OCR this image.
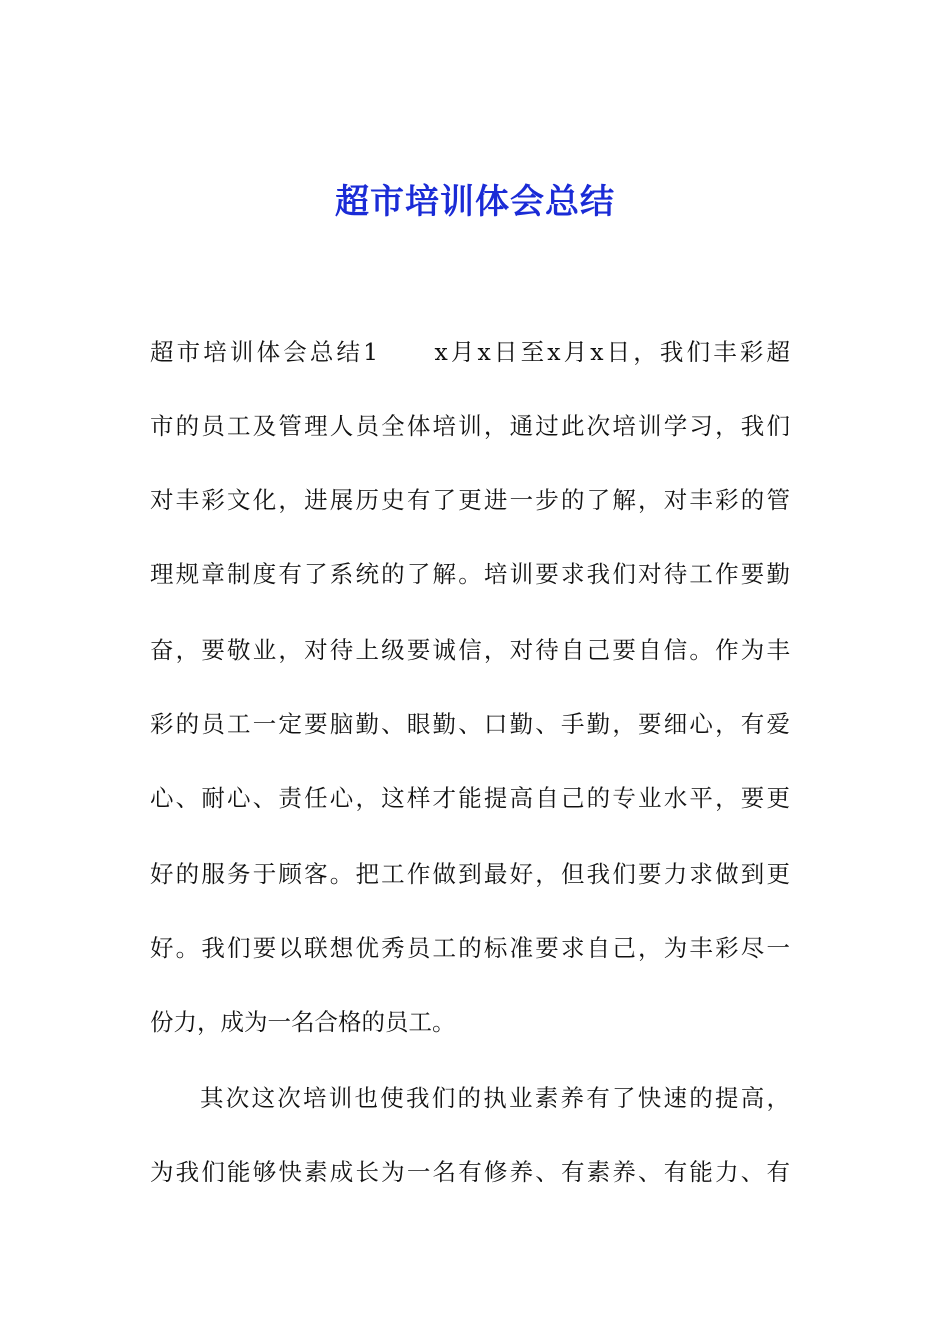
超市培训体会总结
超市培训体会总结1　　x月x日至x月x日，我们丰彩超
市的员工及管理人员全体培训，通过此次培训学习，我们
对丰彩文化，进展历史有了更进一步的了解，对丰彩的管
理规章制度有了系统的了解。培训要求我们对待工作要勤
奋，要敬业，对待上级要诚信，对待自己要自信。作为丰
彩的员工一定要脑勤、眼勤、口勤、手勤，要细心，有爱
心、耐心、责任心，这样才能提高自己的专业水平，要更
好的服务于顾客。把工作做到最好，但我们要力求做到更
好。我们要以联想优秀员工的标准要求自己，为丰彩尽一
份力，成为一名合格的员工。
其次这次培训也使我们的执业素养有了快速的提高，
为我们能够快素成长为一名有修养、有素养、有能力、有
